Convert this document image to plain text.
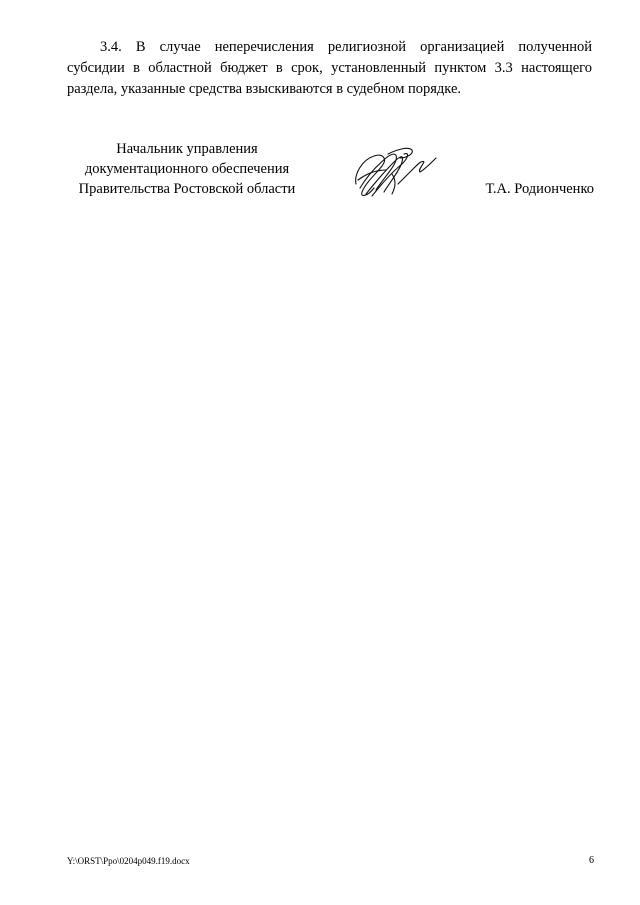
3.4. В случае неперечисления религиозной организацией полученной
субсидии в областной бюджет в срок, установленный пунктом 3.3 настоящего
раздела, указанные средства взыскиваются в судебном порядке.
Начальник управления
документационного обеспечения
Правительства Ростовской области	Т.А. Родионченко
Y:\ORST\Ppo\0204p049.f19.docx	6
